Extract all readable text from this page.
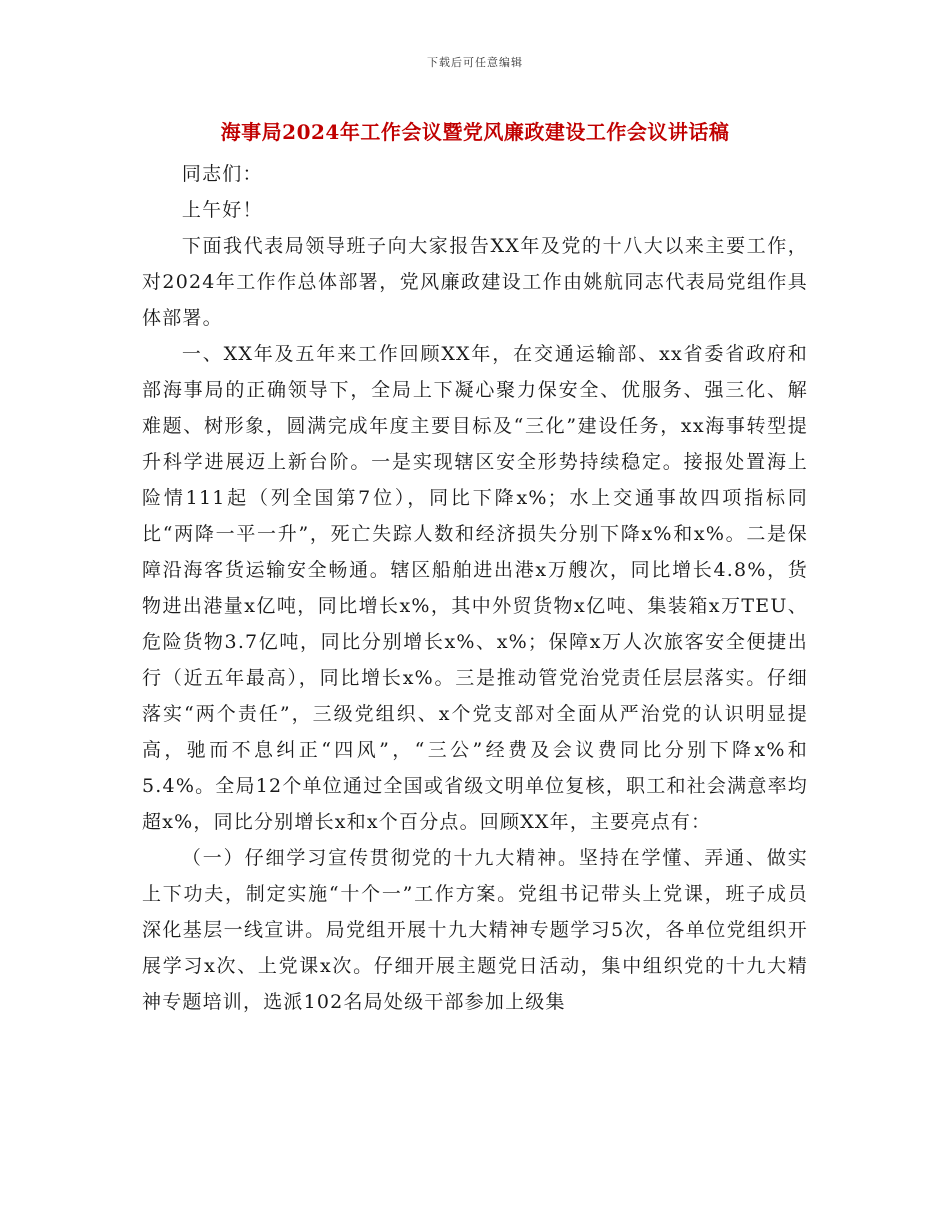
下载后可任意编辑
海事局2024年工作会议暨党风廉政建设工作会议讲话稿

同志们：

上午好！

下面我代表局领导班子向大家报告XX年及党的十八大以来主要工作，对2024年工作作总体部署，党风廉政建设工作由姚航同志代表局党组作具体部署。

一、XX年及五年来工作回顾XX年，在交通运输部、xx省委省政府和部海事局的正确领导下，全局上下凝心聚力保安全、优服务、强三化、解难题、树形象，圆满完成年度主要目标及“三化”建设任务，xx海事转型提升科学进展迈上新台阶。一是实现辖区安全形势持续稳定。接报处置海上险情111起（列全国第7位），同比下降x%；水上交通事故四项指标同比“两降一平一升”，死亡失踪人数和经济损失分别下降x%和x%。二是保障沿海客货运输安全畅通。辖区船舶进出港x万艘次，同比增长4.8%，货物进出港量x亿吨，同比增长x%，其中外贸货物x亿吨、集装箱x万TEU、危险货物3.7亿吨，同比分别增长x%、x%；保障x万人次旅客安全便捷出行（近五年最高），同比增长x%。三是推动管党治党责任层层落实。仔细落实“两个责任”，三级党组织、x个党支部对全面从严治党的认识明显提高，驰而不息纠正“四风”，“三公”经费及会议费同比分别下降x%和5.4%。全局12个单位通过全国或省级文明单位复核，职工和社会满意率均超x%，同比分别增长x和x个百分点。回顾XX年，主要亮点有：

（一）仔细学习宣传贯彻党的十九大精神。坚持在学懂、弄通、做实上下功夫，制定实施“十个一”工作方案。党组书记带头上党课，班子成员深化基层一线宣讲。局党组开展十九大精神专题学习5次，各单位党组织开展学习x次、上党课x次。仔细开展主题党日活动，集中组织党的十九大精神专题培训，选派102名局处级干部参加上级集
